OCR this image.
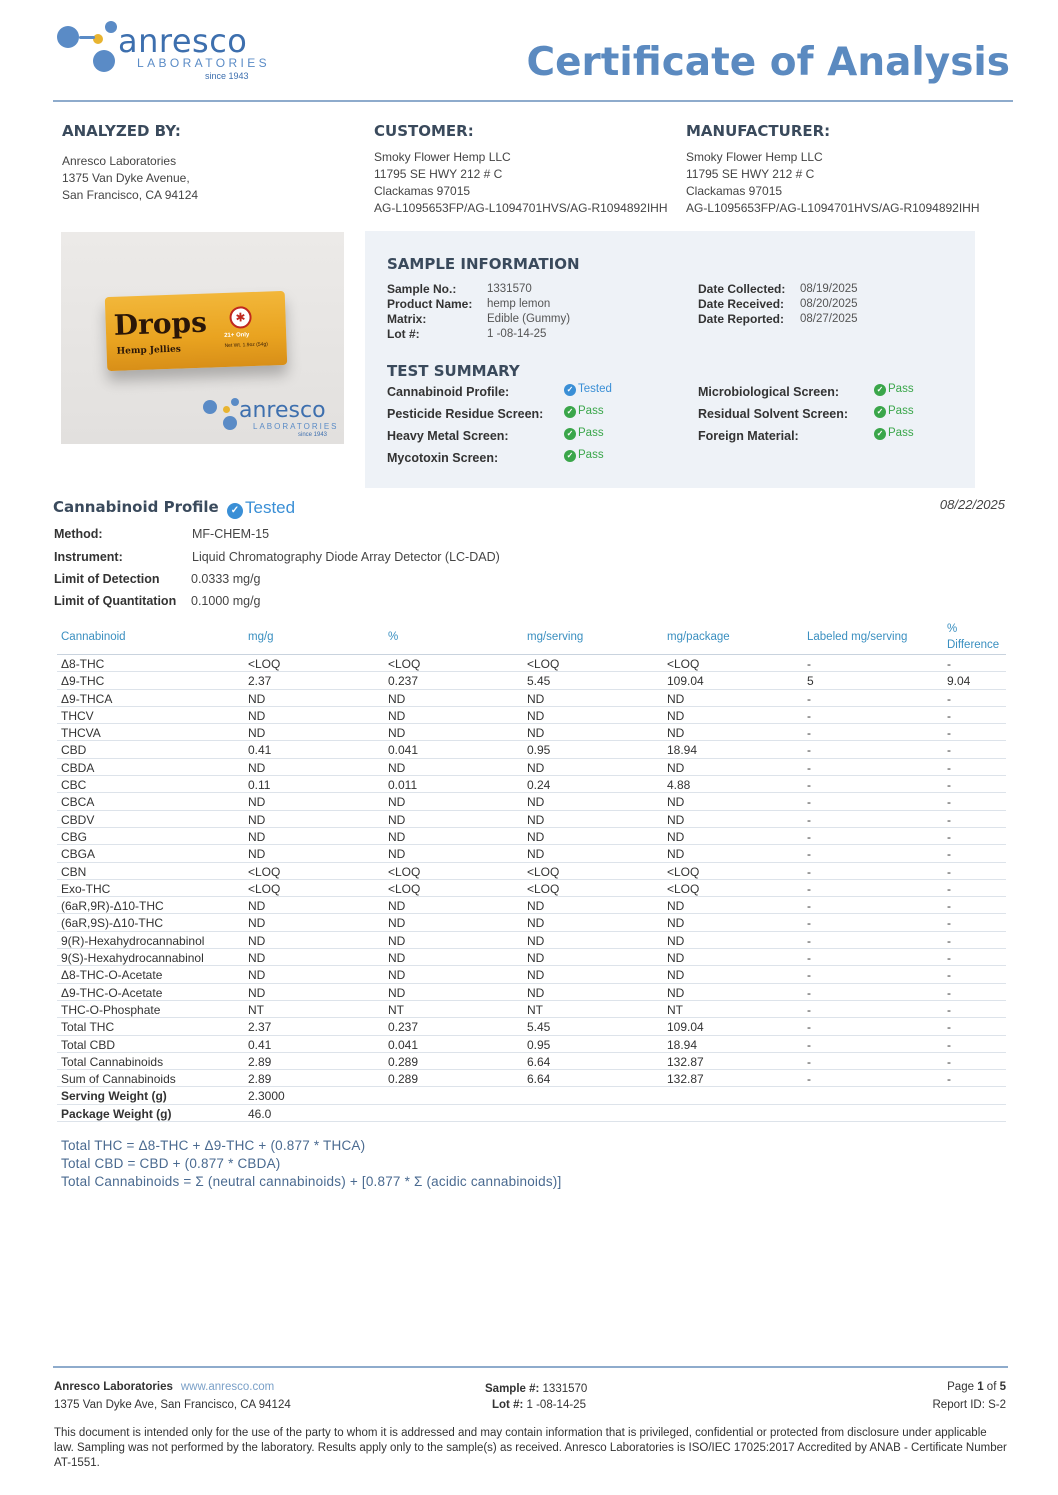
anresco
LABORATORIES
since 1943	Certificate of Analysis
ANALYZED BY:
Anresco Laboratories
1375 Van Dyke Avenue,
San Francisco, CA 94124
CUSTOMER:
Smoky Flower Hemp LLC
11795 SE HWY 212 # C
Clackamas 97015
AG-L1095653FP/AG-L1094701HVS/AG-R1094892IHH
MANUFACTURER:
Smoky Flower Hemp LLC
11795 SE HWY 212 # C
Clackamas 97015
AG-L1095653FP/AG-L1094701HVS/AG-R1094892IHH
Drops
Hemp Jellies
✱
21+ Only
Net Wt. 1.9oz (54g)
anresco
LABORATORIES
since 1943
SAMPLE INFORMATION
Sample No.:	1331570
Product Name: hemp lemon
Matrix:	Edible (Gummy)
Lot #:	1 -08-14-25
Date Collected: 08/19/2025
Date Received: 08/20/2025
Date Reported: 08/27/2025
TEST SUMMARY
Cannabinoid Profile:	✓ Tested
Pesticide Residue Screen:	✓ Pass
Heavy Metal Screen:	✓ Pass
Mycotoxin Screen:	✓ Pass
Microbiological Screen:	✓ Pass
Residual Solvent Screen:	✓ Pass
Foreign Material:	✓ Pass
Cannabinoid Profile	✓ Tested	08/22/2025
Method:	MF-CHEM-15
Instrument:	Liquid Chromatography Diode Array Detector (LC-DAD)
Limit of Detection	0.0333 mg/g
Limit of Quantitation 0.1000 mg/g
Cannabinoid	mg/g	%	mg/serving	mg/package	Labeled mg/serving
%
Difference
Δ8-THC	<LOQ	<LOQ	<LOQ	<LOQ	-	-
Δ9-THC	2.37	0.237	5.45	109.04	5	9.04
Δ9-THCA	ND	ND	ND	ND	-	-
THCV	ND	ND	ND	ND	-	-
THCVA	ND	ND	ND	ND	-	-
CBD	0.41	0.041	0.95	18.94	-	-
CBDA	ND	ND	ND	ND	-	-
CBC	0.11	0.011	0.24	4.88	-	-
CBCA	ND	ND	ND	ND	-	-
CBDV	ND	ND	ND	ND	-	-
CBG	ND	ND	ND	ND	-	-
CBGA	ND	ND	ND	ND	-	-
CBN	<LOQ	<LOQ	<LOQ	<LOQ	-	-
Exo-THC	<LOQ	<LOQ	<LOQ	<LOQ	-	-
(6aR,9R)-Δ10-THC	ND	ND	ND	ND	-	-
(6aR,9S)-Δ10-THC	ND	ND	ND	ND	-	-
9(R)-Hexahydrocannabinol	ND	ND	ND	ND	-	-
9(S)-Hexahydrocannabinol	ND	ND	ND	ND	-	-
Δ8-THC-O-Acetate	ND	ND	ND	ND	-	-
Δ9-THC-O-Acetate	ND	ND	ND	ND	-	-
THC-O-Phosphate	NT	NT	NT	NT	-	-
Total THC	2.37	0.237	5.45	109.04	-	-
Total CBD	0.41	0.041	0.95	18.94	-	-
Total Cannabinoids	2.89	0.289	6.64	132.87	-	-
Sum of Cannabinoids	2.89	0.289	6.64	132.87	-	-
Serving Weight (g)	2.3000
Package Weight (g)	46.0
Total THC = Δ8-THC + Δ9-THC + (0.877 * THCA)
Total CBD = CBD + (0.877 * CBDA)
Total Cannabinoids = Σ (neutral cannabinoids) + [0.877 * Σ (acidic cannabinoids)]
Anresco Laboratories www.anresco.com
1375 Van Dyke Ave, San Francisco, CA 94124
Sample #: 1331570
Lot #: 1 -08-14-25
Page 1 of 5
Report ID: S-2
This document is intended only for the use of the party to whom it is addressed and may contain information that is privileged, confidential or protected from disclosure under applicable law. Sampling was not performed by the laboratory. Results apply only to the sample(s) as received. Anresco Laboratories is ISO/IEC 17025:2017 Accredited by ANAB - Certificate Number AT-1551.
